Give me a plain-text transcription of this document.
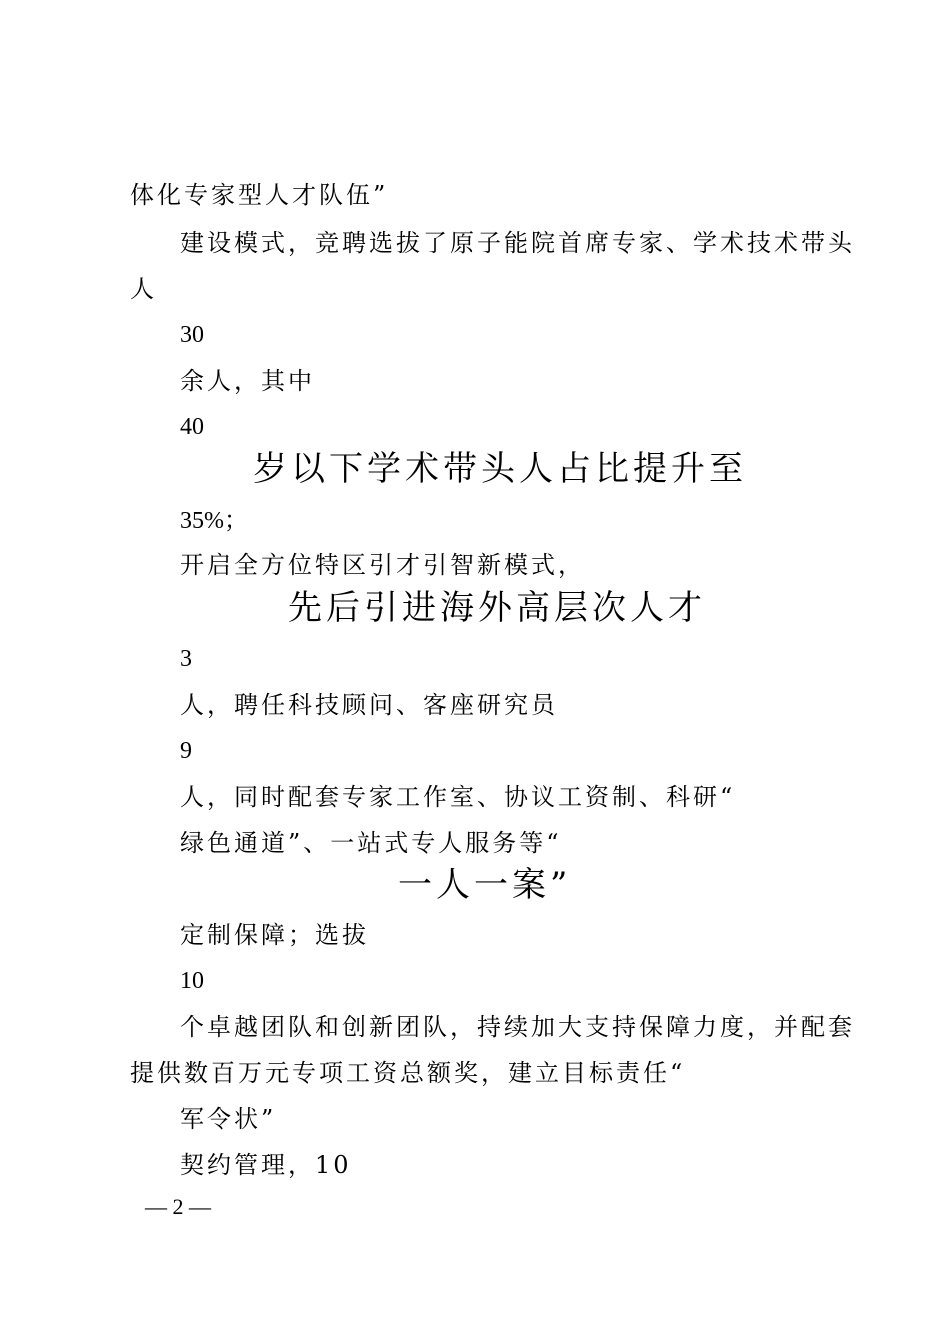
体化专家型人才队伍”
建设模式，竞聘选拔了原子能院首席专家、学术技术带头
人
30
余人，其中
40
岁以下学术带头人占比提升至
35%；
开启全方位特区引才引智新模式，
先后引进海外高层次人才
3
人，聘任科技顾问、客座研究员
9
人，同时配套专家工作室、协议工资制、科研“
绿色通道”、一站式专人服务等“
一人一案”
定制保障；选拔
10
个卓越团队和创新团队，持续加大支持保障力度，并配套
提供数百万元专项工资总额奖，建立目标责任“
军令状”
契约管理，10
— 2 —
